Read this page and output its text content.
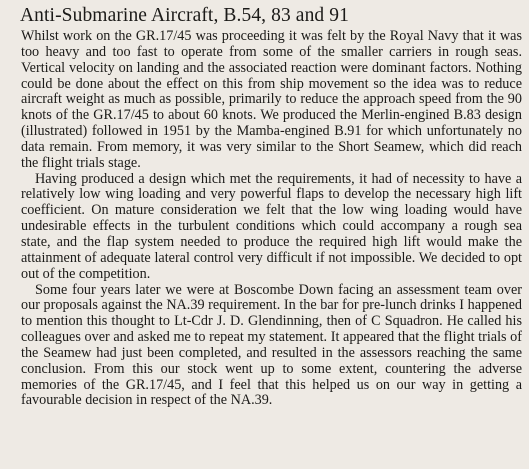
Anti-Submarine Aircraft, B.54, 83 and 91

Whilst work on the GR.17/45 was proceeding it was felt by the Royal Navy that it was too heavy and too fast to operate from some of the smaller carriers in rough seas. Vertical velocity on landing and the associated reaction were dominant factors. Nothing could be done about the effect on this from ship movement so the idea was to reduce aircraft weight as much as possible, primarily to reduce the approach speed from the 90 knots of the GR.17/45 to about 60 knots. We produced the Merlin-engined B.83 design (illustrated) followed in 1951 by the Mamba-engined B.91 for which unfortunately no data remain. From memory, it was very similar to the Short Seamew, which did reach the flight trials stage.

Having produced a design which met the requirements, it had of necessity to have a relatively low wing loading and very powerful flaps to develop the necessary high lift coefficient. On mature consideration we felt that the low wing loading would have undesirable effects in the turbulent conditions which could accompany a rough sea state, and the flap system needed to produce the required high lift would make the attainment of adequate lateral control very difficult if not impossible. We decided to opt out of the competition.

Some four years later we were at Boscombe Down facing an assessment team over our proposals against the NA.39 requirement. In the bar for pre-lunch drinks I happened to mention this thought to Lt-Cdr J. D. Glendinning, then of C Squadron. He called his colleagues over and asked me to repeat my statement. It appeared that the flight trials of the Seamew had just been completed, and resulted in the assessors reaching the same conclusion. From this our stock went up to some extent, countering the adverse memories of the GR.17/45, and I feel that this helped us on our way in getting a favourable decision in respect of the NA.39.
